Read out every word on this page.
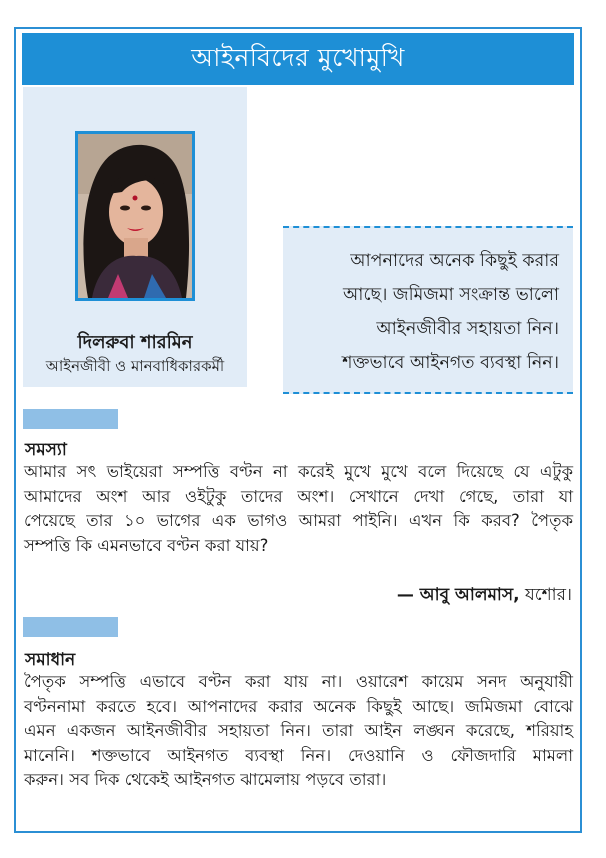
আইনবিদের মুখোমুখি
দিলরুবা শারমিন
আইনজীবী ও মানবাধিকারকর্মী
আপনাদের অনেক কিছুই করার
আছে। জমিজমা সংক্রান্ত ভালো
আইনজীবীর সহায়তা নিন।
শক্তভাবে আইনগত ব্যবস্থা নিন।
সমস্যা
আমার সৎ ভাইয়েরা সম্পত্তি বণ্টন না করেই মুখে মুখে বলে দিয়েছে যে এটুকু
আমাদের অংশ আর ওইটুকু তাদের অংশ। সেখানে দেখা গেছে, তারা যা
পেয়েছে তার ১০ ভাগের এক ভাগও আমরা পাইনি। এখন কি করব? পৈতৃক
সম্পত্তি কি এমনভাবে বণ্টন করা যায়?
— আবু আলমাস, যশোর।
সমাধান
পৈতৃক সম্পত্তি এভাবে বণ্টন করা যায় না। ওয়ারেশ কায়েম সনদ অনুযায়ী
বণ্টননামা করতে হবে। আপনাদের করার অনেক কিছুই আছে। জমিজমা বোঝে
এমন একজন আইনজীবীর সহায়তা নিন। তারা আইন লঙ্ঘন করেছে, শরিয়াহ
মানেনি। শক্তভাবে আইনগত ব্যবস্থা নিন। দেওয়ানি ও ফৌজদারি মামলা
করুন। সব দিক থেকেই আইনগত ঝামেলায় পড়বে তারা।
